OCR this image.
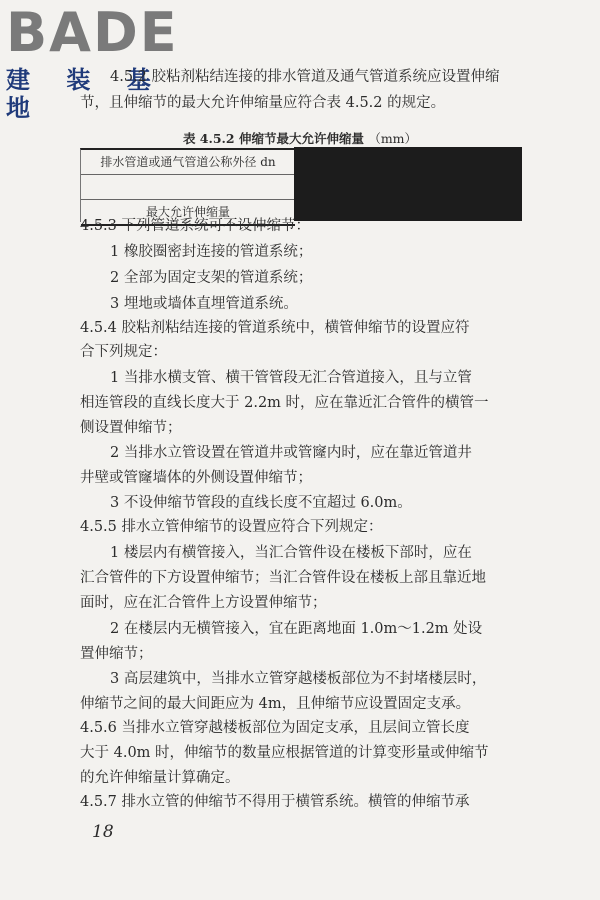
BADE
建 装 基 地
4.5.2 胶粘剂粘结连接的排水管道及通气管道系统应设置伸缩
节，且伸缩节的最大允许伸缩量应符合表 4.5.2 的规定。
表 4.5.2 伸缩节最大允许伸缩量 （mm）
排水管道或通气管道公称外径 dn
最大允许伸缩量
4.5.3 下列管道系统可不设伸缩节：
1 橡胶圈密封连接的管道系统；
2 全部为固定支架的管道系统；
3 埋地或墙体直埋管道系统。
4.5.4 胶粘剂粘结连接的管道系统中，横管伸缩节的设置应符
合下列规定：
1 当排水横支管、横干管管段无汇合管道接入，且与立管
相连管段的直线长度大于 2.2m 时，应在靠近汇合管件的横管一
侧设置伸缩节；
2 当排水立管设置在管道井或管窿内时，应在靠近管道井
井壁或管窿墙体的外侧设置伸缩节；
3 不设伸缩节管段的直线长度不宜超过 6.0m。
4.5.5 排水立管伸缩节的设置应符合下列规定：
1 楼层内有横管接入，当汇合管件设在楼板下部时，应在
汇合管件的下方设置伸缩节；当汇合管件设在楼板上部且靠近地
面时，应在汇合管件上方设置伸缩节；
2 在楼层内无横管接入，宜在距离地面 1.0m～1.2m 处设
置伸缩节；
3 高层建筑中，当排水立管穿越楼板部位为不封堵楼层时，
伸缩节之间的最大间距应为 4m，且伸缩节应设置固定支承。
4.5.6 当排水立管穿越楼板部位为固定支承，且层间立管长度
大于 4.0m 时，伸缩节的数量应根据管道的计算变形量或伸缩节
的允许伸缩量计算确定。
4.5.7 排水立管的伸缩节不得用于横管系统。横管的伸缩节承
18
